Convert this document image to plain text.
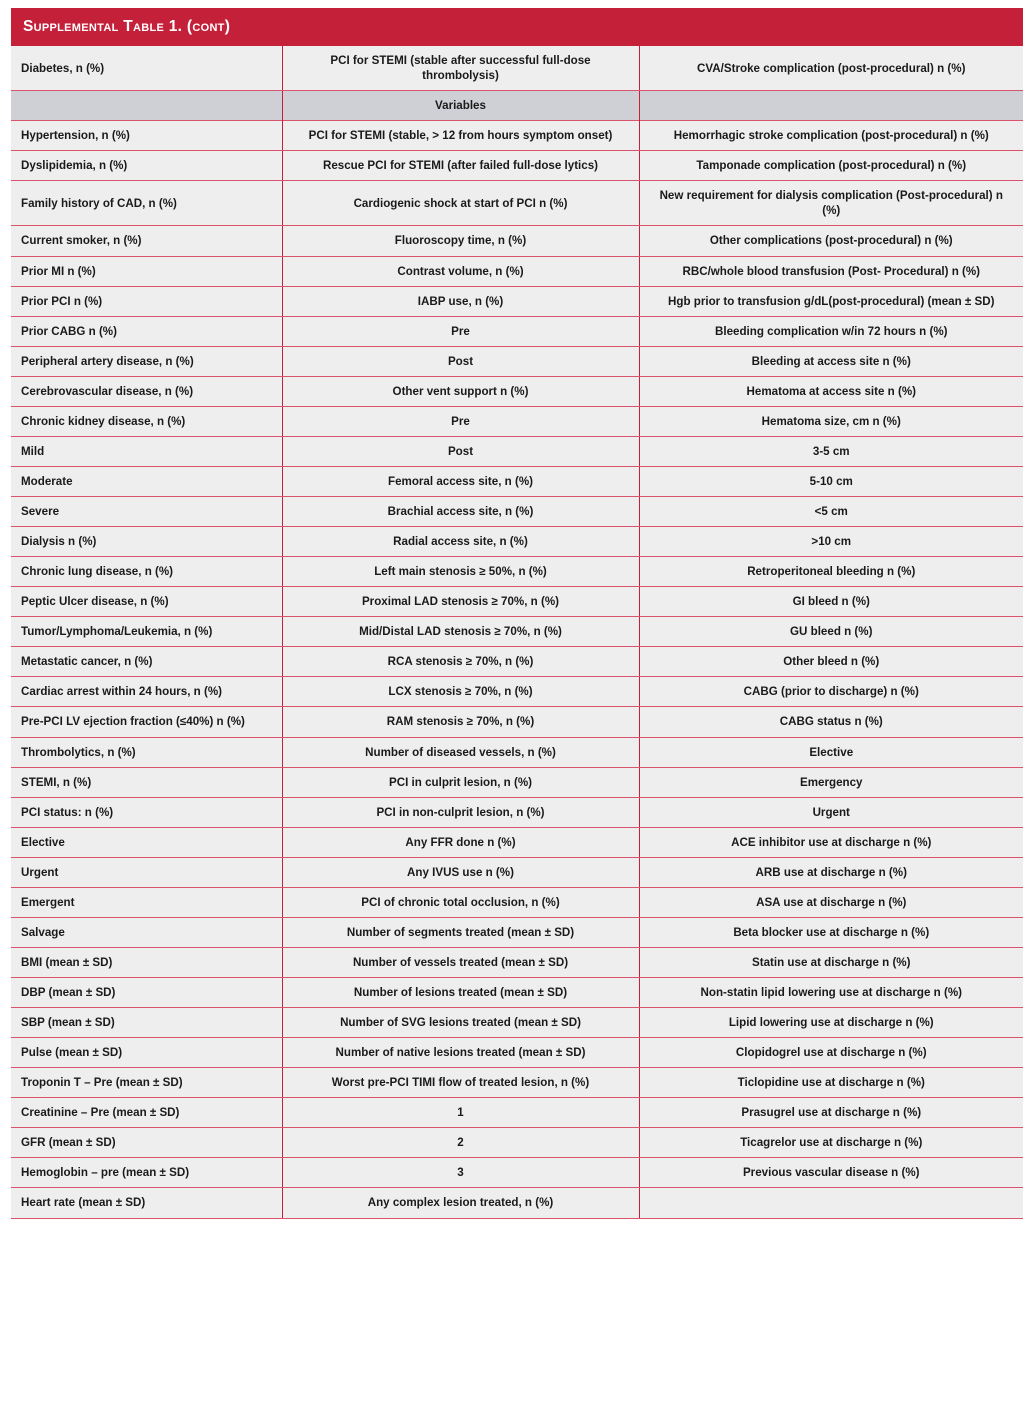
Supplemental Table 1. (cont)
Diabetes, n (%)	PCI for STEMI (stable after successful full-dose thrombolysis)	CVA/Stroke complication (post-procedural) n (%)
	Variables	
Hypertension, n (%)	PCI for STEMI (stable, > 12 from hours symptom onset)	Hemorrhagic stroke complication (post-procedural) n (%)
Dyslipidemia, n (%)	Rescue PCI for STEMI (after failed full-dose lytics)	Tamponade complication (post-procedural) n (%)
Family history of CAD, n (%)	Cardiogenic shock at start of PCI n (%)	New requirement for dialysis complication (Post-procedural) n (%)
Current smoker, n (%)	Fluoroscopy time, n (%)	Other complications (post-procedural) n (%)
Prior MI n (%)	Contrast volume, n (%)	RBC/whole blood transfusion (Post- Procedural) n (%)
Prior PCI n (%)	IABP use, n (%)	Hgb prior to transfusion g/dL(post-procedural) (mean ± SD)
Prior CABG n (%)	Pre	Bleeding complication w/in 72 hours n (%)
Peripheral artery disease, n (%)	Post	Bleeding at access site n (%)
Cerebrovascular disease, n (%)	Other vent support n (%)	Hematoma at access site n (%)
Chronic kidney disease, n (%)	Pre	Hematoma size, cm n (%)
Mild	Post	3-5 cm
Moderate	Femoral access site, n (%)	5-10 cm
Severe	Brachial access site, n (%)	<5 cm
Dialysis n (%)	Radial access site, n (%)	>10 cm
Chronic lung disease, n (%)	Left main stenosis ≥ 50%, n (%)	Retroperitoneal bleeding n (%)
Peptic Ulcer disease, n (%)	Proximal LAD stenosis ≥ 70%, n (%)	GI bleed n (%)
Tumor/Lymphoma/Leukemia, n (%)	Mid/Distal LAD stenosis ≥ 70%, n (%)	GU bleed n (%)
Metastatic cancer, n (%)	RCA stenosis ≥ 70%, n (%)	Other bleed n (%)
Cardiac arrest within 24 hours, n (%)	LCX stenosis ≥ 70%, n (%)	CABG (prior to discharge) n (%)
Pre-PCI LV ejection fraction (≤40%) n (%)	RAM stenosis ≥ 70%, n (%)	CABG status n (%)
Thrombolytics, n (%)	Number of diseased vessels, n (%)	Elective
STEMI, n (%)	PCI in culprit lesion, n (%)	Emergency
PCI status: n (%)	PCI in non-culprit lesion, n (%)	Urgent
Elective	Any FFR done n (%)	ACE inhibitor use at discharge n (%)
Urgent	Any IVUS use n (%)	ARB use at discharge n (%)
Emergent	PCI of chronic total occlusion, n (%)	ASA use at discharge n (%)
Salvage	Number of segments treated (mean ± SD)	Beta blocker use at discharge n (%)
BMI (mean ± SD)	Number of vessels treated (mean ± SD)	Statin use at discharge n (%)
DBP (mean ± SD)	Number of lesions treated (mean ± SD)	Non-statin lipid lowering use at discharge n (%)
SBP (mean ± SD)	Number of SVG lesions treated (mean ± SD)	Lipid lowering use at discharge n (%)
Pulse (mean ± SD)	Number of native lesions treated (mean ± SD)	Clopidogrel use at discharge n (%)
Troponin T – Pre (mean ± SD)	Worst pre-PCI TIMI flow of treated lesion, n (%)	Ticlopidine use at discharge n (%)
Creatinine – Pre (mean ± SD)	1	Prasugrel use at discharge n (%)
GFR (mean ± SD)	2	Ticagrelor use at discharge n (%)
Hemoglobin – pre (mean ± SD)	3	Previous vascular disease n (%)
Heart rate (mean ± SD)	Any complex lesion treated, n (%)	
